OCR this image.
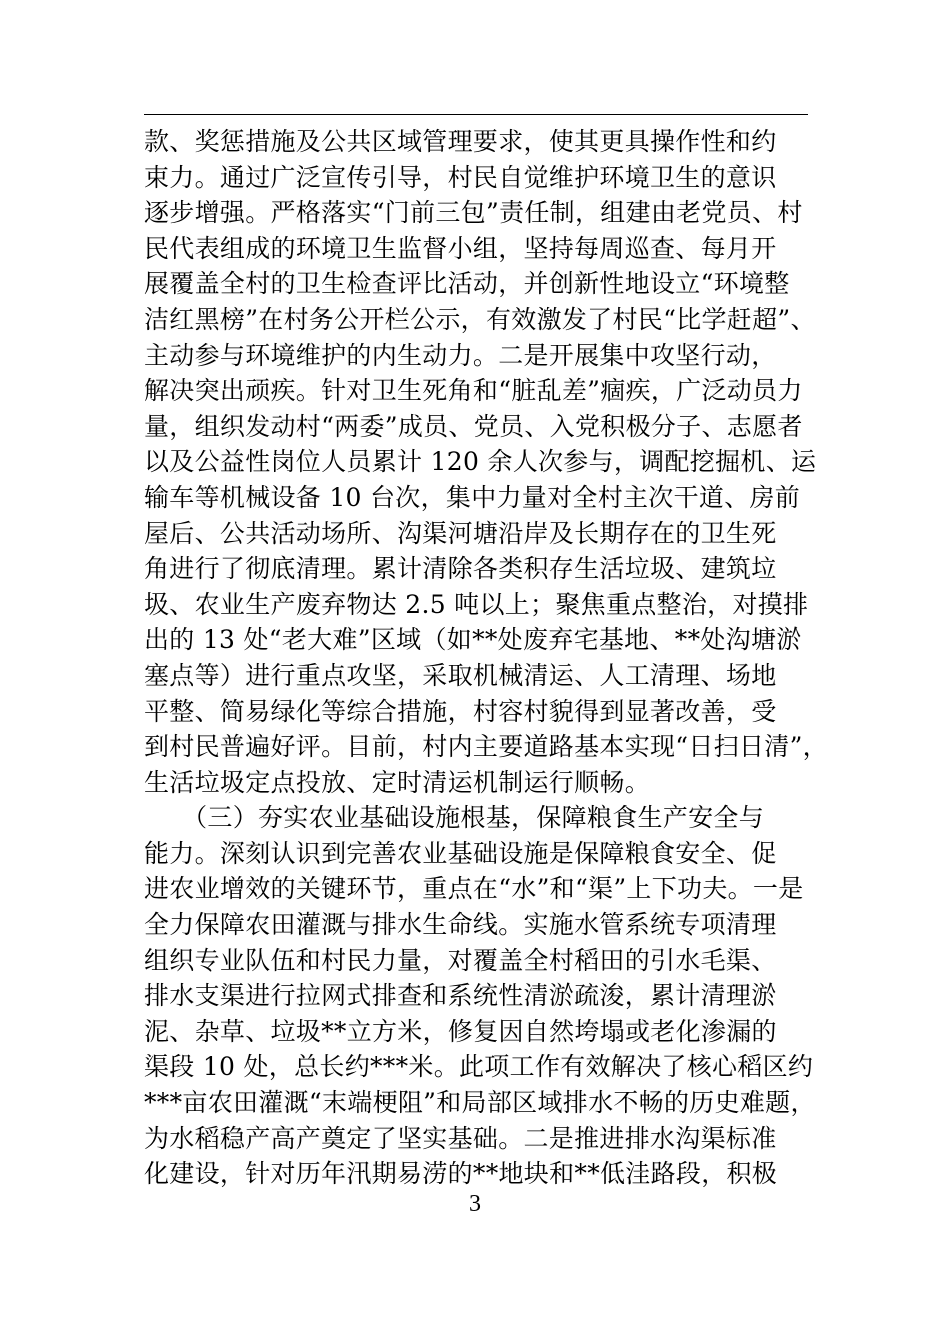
款、奖惩措施及公共区域管理要求，使其更具操作性和约
束力。通过广泛宣传引导，村民自觉维护环境卫生的意识
逐步增强。严格落实“门前三包”责任制，组建由老党员、村
民代表组成的环境卫生监督小组，坚持每周巡查、每月开
展覆盖全村的卫生检查评比活动，并创新性地设立“环境整
洁红黑榜”在村务公开栏公示，有效激发了村民“比学赶超”、
主动参与环境维护的内生动力。二是开展集中攻坚行动，
解决突出顽疾。针对卫生死角和“脏乱差”痼疾，广泛动员力
量，组织发动村“两委”成员、党员、入党积极分子、志愿者
以及公益性岗位人员累计 120 余人次参与，调配挖掘机、运
输车等机械设备 10 台次，集中力量对全村主次干道、房前
屋后、公共活动场所、沟渠河塘沿岸及长期存在的卫生死
角进行了彻底清理。累计清除各类积存生活垃圾、建筑垃
圾、农业生产废弃物达 2.5 吨以上；聚焦重点整治，对摸排
出的 13 处“老大难”区域（如**处废弃宅基地、**处沟塘淤
塞点等）进行重点攻坚，采取机械清运、人工清理、场地
平整、简易绿化等综合措施，村容村貌得到显著改善，受
到村民普遍好评。目前，村内主要道路基本实现“日扫日清”，
生活垃圾定点投放、定时清运机制运行顺畅。
　　（三）夯实农业基础设施根基，保障粮食生产安全与
能力。深刻认识到完善农业基础设施是保障粮食安全、促
进农业增效的关键环节，重点在“水”和“渠”上下功夫。一是
全力保障农田灌溉与排水生命线。实施水管系统专项清理
组织专业队伍和村民力量，对覆盖全村稻田的引水毛渠、
排水支渠进行拉网式排查和系统性清淤疏浚，累计清理淤
泥、杂草、垃圾**立方米，修复因自然垮塌或老化渗漏的
渠段 10 处，总长约***米。此项工作有效解决了核心稻区约
***亩农田灌溉“末端梗阻”和局部区域排水不畅的历史难题，
为水稻稳产高产奠定了坚实基础。二是推进排水沟渠标准
化建设，针对历年汛期易涝的**地块和**低洼路段，积极
3
